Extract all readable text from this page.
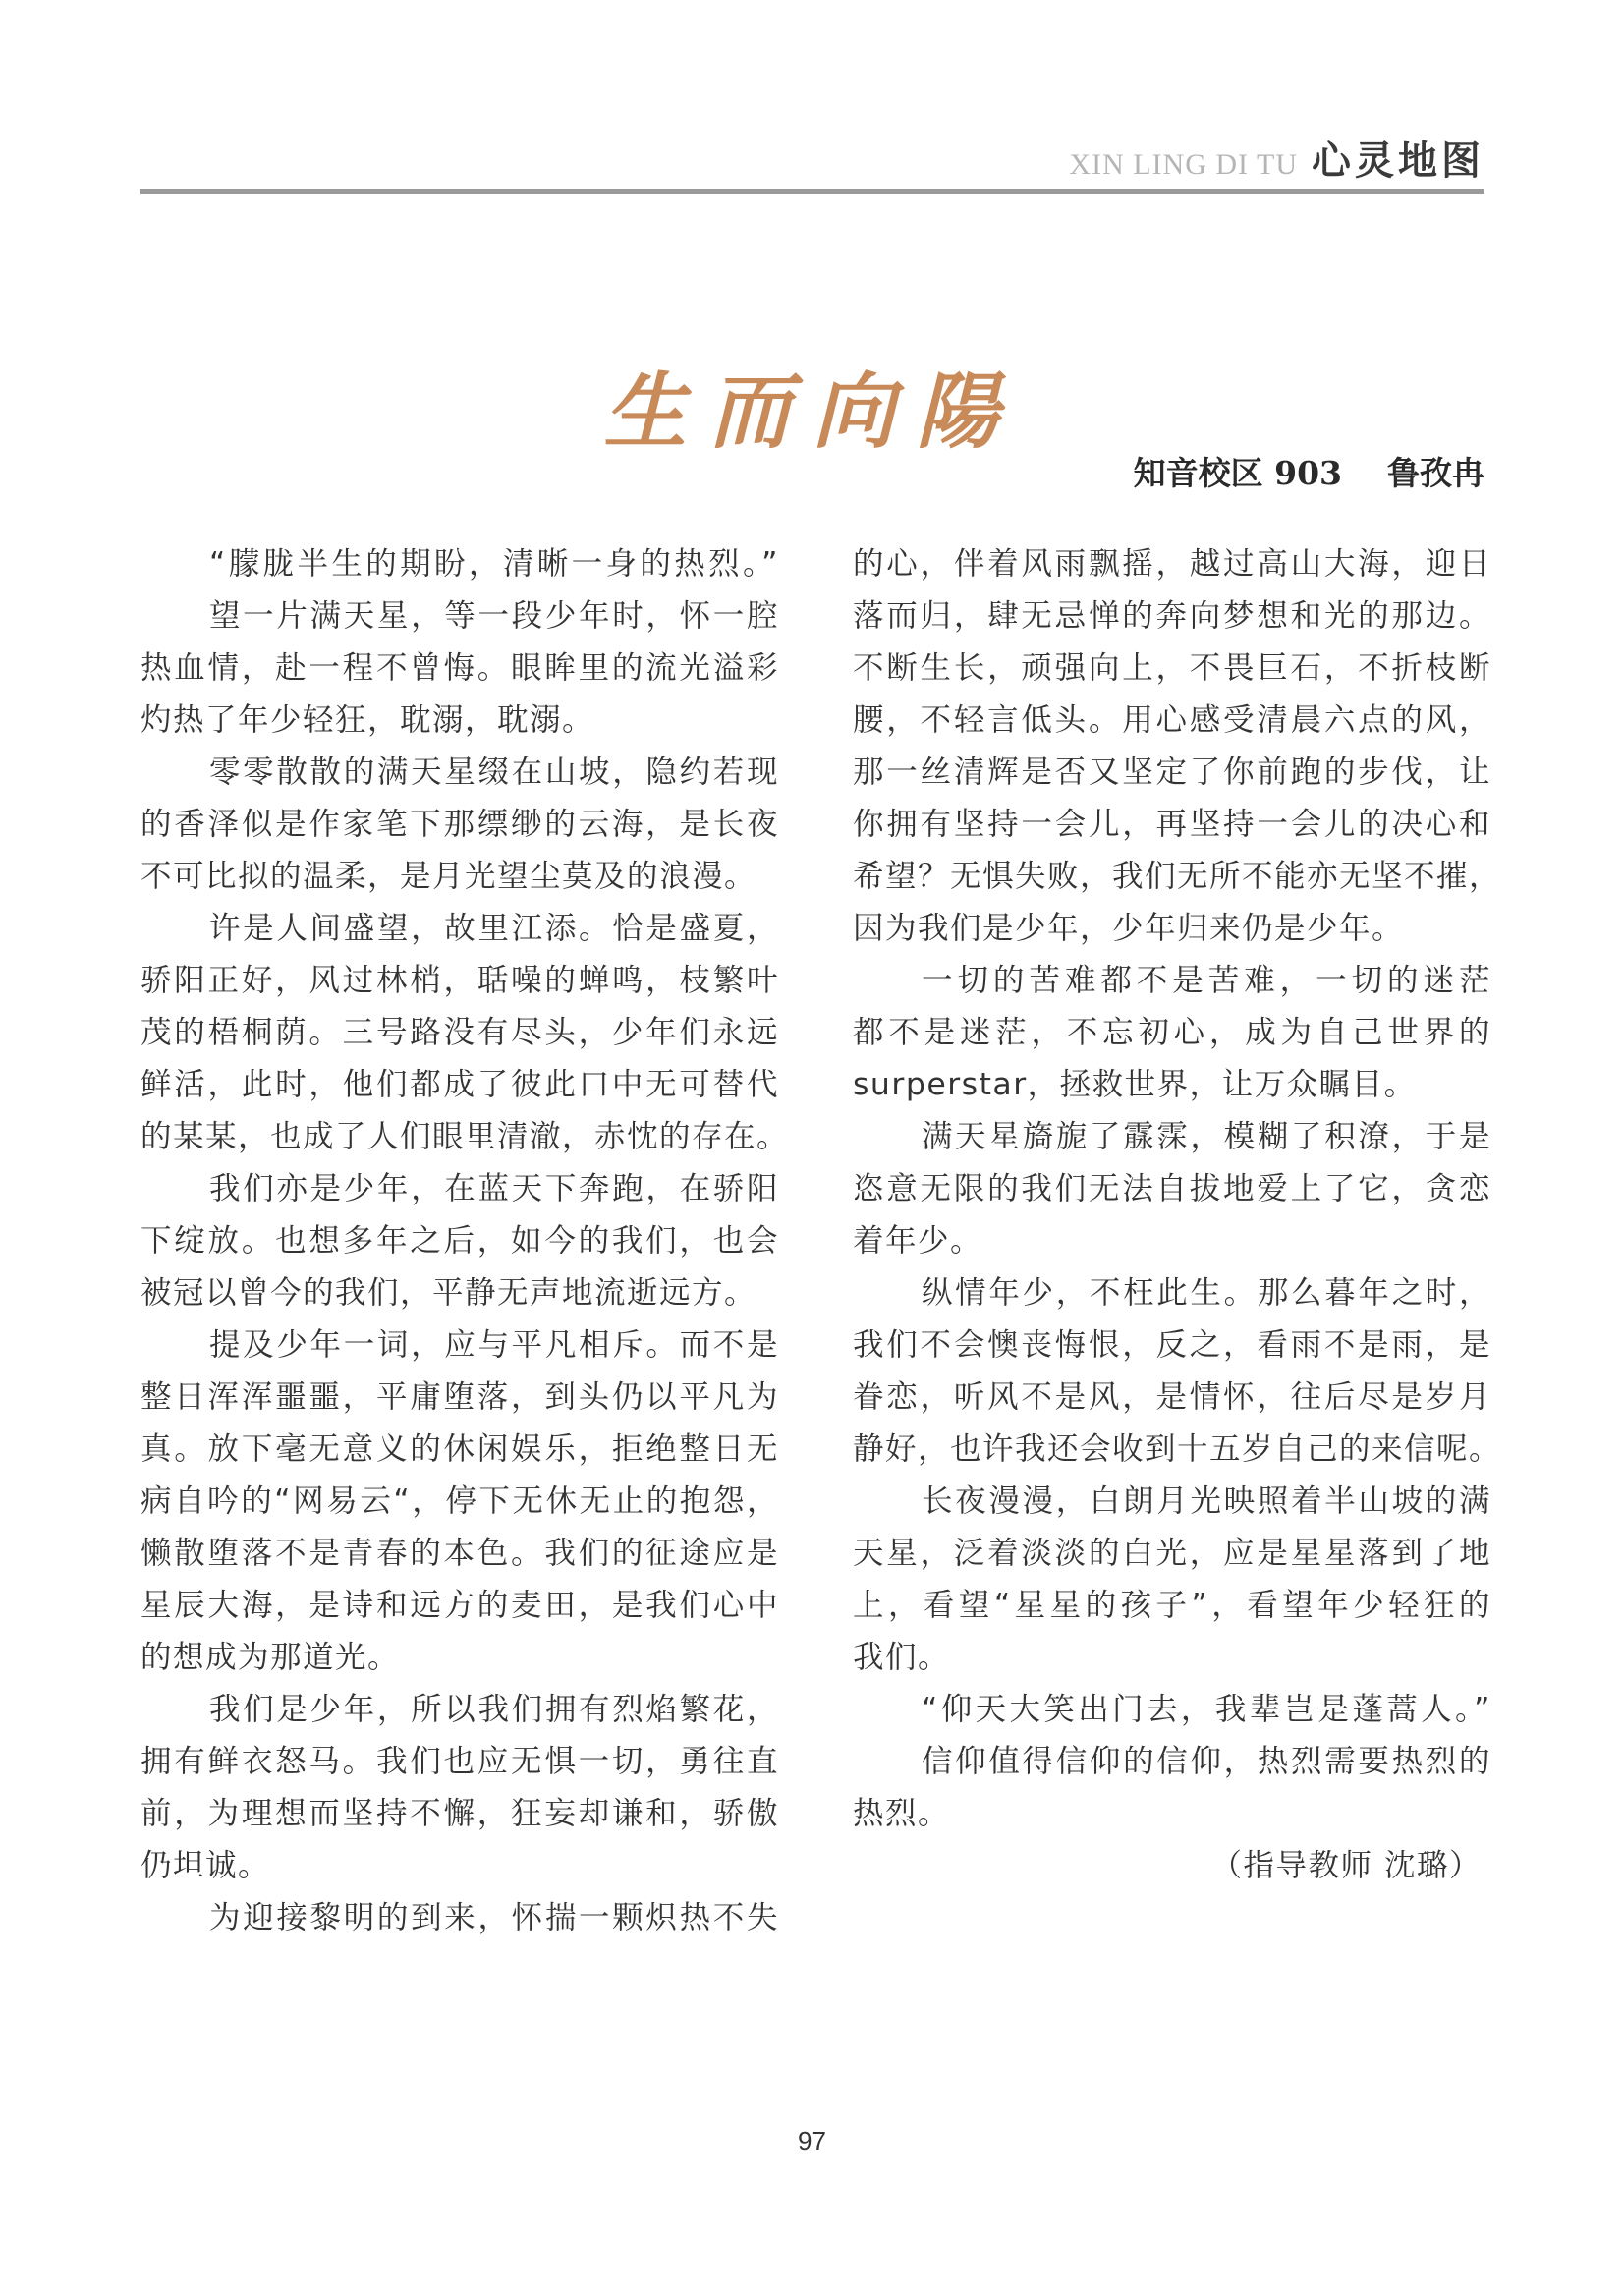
XIN LING DI TU 心灵地图
生而向陽
知音校区 903 鲁孜冉
“朦胧半生的期盼，清晰一身的热烈。”
望一片满天星，等一段少年时，怀一腔
热血情，赴一程不曾悔。眼眸里的流光溢彩
灼热了年少轻狂，耽溺，耽溺。
零零散散的满天星缀在山坡，隐约若现
的香泽似是作家笔下那缥缈的云海，是长夜
不可比拟的温柔，是月光望尘莫及的浪漫。
许是人间盛望，故里江添。恰是盛夏，
骄阳正好，风过林梢，聒噪的蝉鸣，枝繁叶
茂的梧桐荫。三号路没有尽头，少年们永远
鲜活，此时，他们都成了彼此口中无可替代
的某某，也成了人们眼里清澈，赤忱的存在。
我们亦是少年，在蓝天下奔跑，在骄阳
下绽放。也想多年之后，如今的我们，也会
被冠以曾今的我们，平静无声地流逝远方。
提及少年一词，应与平凡相斥。而不是
整日浑浑噩噩，平庸堕落，到头仍以平凡为
真。放下毫无意义的休闲娱乐，拒绝整日无
病自吟的“网易云“，停下无休无止的抱怨，
懒散堕落不是青春的本色。我们的征途应是
星辰大海，是诗和远方的麦田，是我们心中
的想成为那道光。
我们是少年，所以我们拥有烈焰繁花，
拥有鲜衣怒马。我们也应无惧一切，勇往直
前，为理想而坚持不懈，狂妄却谦和，骄傲
仍坦诚。
为迎接黎明的到来，怀揣一颗炽热不失
的心，伴着风雨飘摇，越过高山大海，迎日
落而归，肆无忌惮的奔向梦想和光的那边。
不断生长，顽强向上，不畏巨石，不折枝断
腰，不轻言低头。用心感受清晨六点的风，
那一丝清辉是否又坚定了你前跑的步伐，让
你拥有坚持一会儿，再坚持一会儿的决心和
希望？无惧失败，我们无所不能亦无坚不摧，
因为我们是少年，少年归来仍是少年。
一切的苦难都不是苦难，一切的迷茫
都不是迷茫，不忘初心，成为自己世界的
surperstar，拯救世界，让万众瞩目。
满天星旖旎了霡霂，模糊了积潦，于是
恣意无限的我们无法自拔地爱上了它，贪恋
着年少。
纵情年少，不枉此生。那么暮年之时，
我们不会懊丧悔恨，反之，看雨不是雨，是
眷恋，听风不是风，是情怀，往后尽是岁月
静好，也许我还会收到十五岁自己的来信呢。
长夜漫漫，白朗月光映照着半山坡的满
天星，泛着淡淡的白光，应是星星落到了地
上，看望“星星的孩子”，看望年少轻狂的
我们。
“仰天大笑出门去，我辈岂是蓬蒿人。”
信仰值得信仰的信仰，热烈需要热烈的
热烈。
（指导教师 沈璐）
97
